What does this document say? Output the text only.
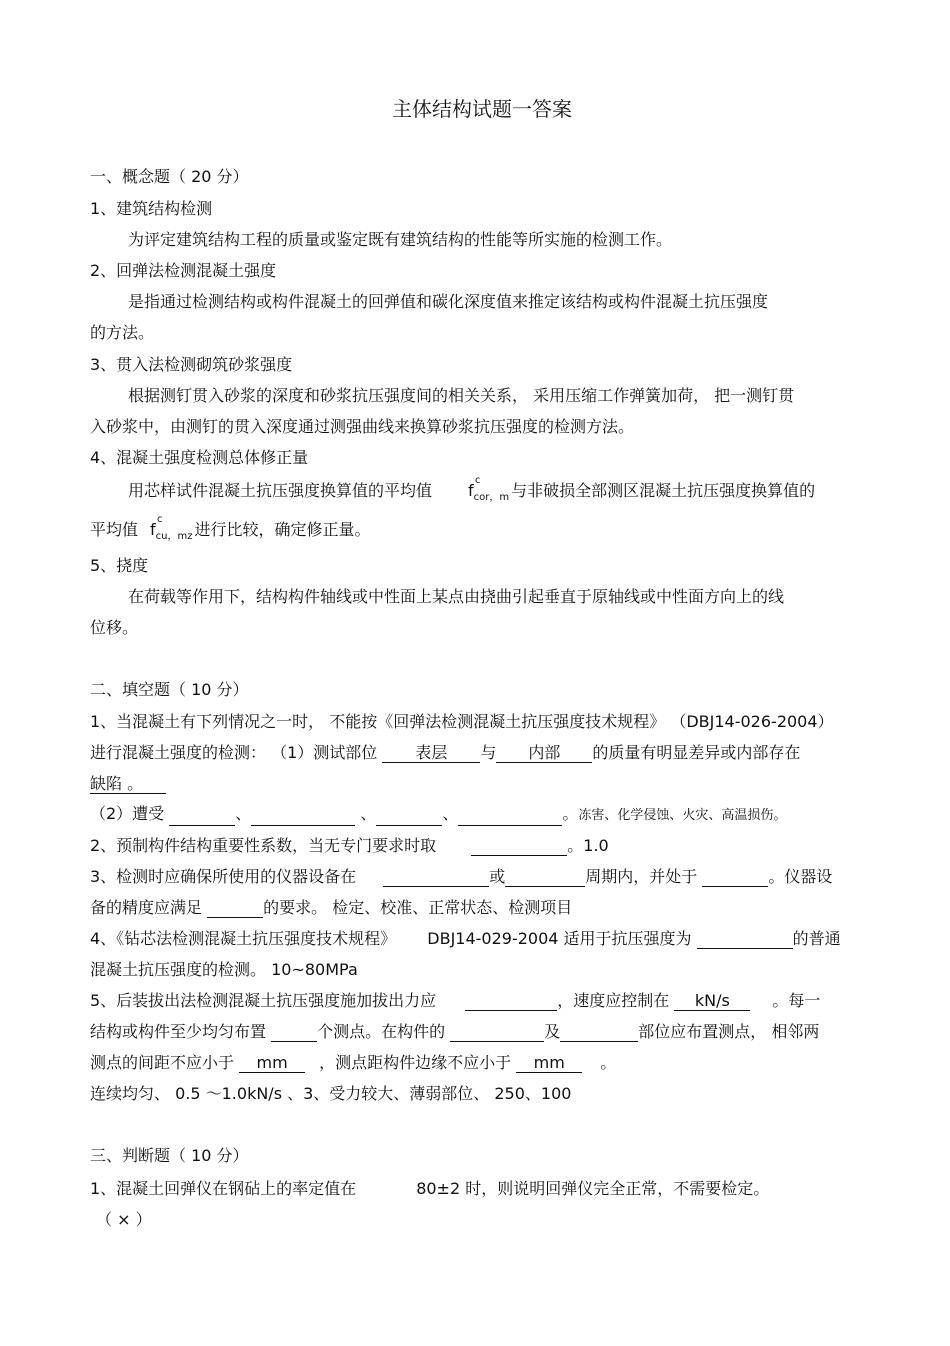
主体结构试题一答案
一、概念题（ 20 分）
1、建筑结构检测
为评定建筑结构工程的质量或鉴定既有建筑结构的性能等所实施的检测工作。
2、回弹法检测混凝土强度
是指通过检测结构或构件混凝土的回弹值和碳化深度值来推定该结构或构件混凝土抗压强度
的方法。
3、贯入法检测砌筑砂浆强度
根据测钉贯入砂浆的深度和砂浆抗压强度间的相关关系， 采用压缩工作弹簧加荷， 把一测钉贯
入砂浆中，由测钉的贯入深度通过测强曲线来换算砂浆抗压强度的检测方法。
4、混凝土强度检测总体修正量
用芯样试件混凝土抗压强度换算值的平均值 f
c
$_{cor,m}$ 与非破损全部测区混凝土抗压强度换算值的
平均值 f
c
$_{cu,mz}$ 进行比较，确定修正量。
5、挠度
在荷载等作用下，结构构件轴线或中性面上某点由挠曲引起垂直于原轴线或中性面方向上的线
位移。
二、填空题（ 10 分）
1、当混凝土有下列情况之一时， 不能按《回弹法检测混凝土抗压强度技术规程》 （DBJ14-026-2004）
进行混凝土强度的检测： （1）测试部位 表层 与 内部 的质量有明显差异或内部存在
缺陷 。
（2）遭受	、	、	、	。冻害、化学侵蚀、火灾、高温损伤。
2、预制构件结构重要性系数，当无专门要求时取	。1.0
3、检测时应确保所使用的仪器设备在	或	周期内，并处于	。仪器设
备的精度应满足	的要求。 检定、校准、正常状态、检测项目
4、《钻芯法检测混凝土抗压强度技术规程》 DBJ14-029-2004 适用于抗压强度为	的普通
混凝土抗压强度的检测。 10~80MPa
5、后装拔出法检测混凝土抗压强度施加拔出力应	，速度应控制在 kN/s	。每一
结构或构件至少均匀布置	个测点。在构件的	及	部位应布置测点， 相邻两
测点的间距不应小于 mm ，测点距构件边缘不应小于 mm 。
连续均匀、 0.5 ～1.0kN/s 、3、受力较大、薄弱部位、 250、100
三、判断题（ 10 分）
1、混凝土回弹仪在钢砧上的率定值在	80±2 时，则说明回弹仪完全正常，不需要检定。
（ × ）
